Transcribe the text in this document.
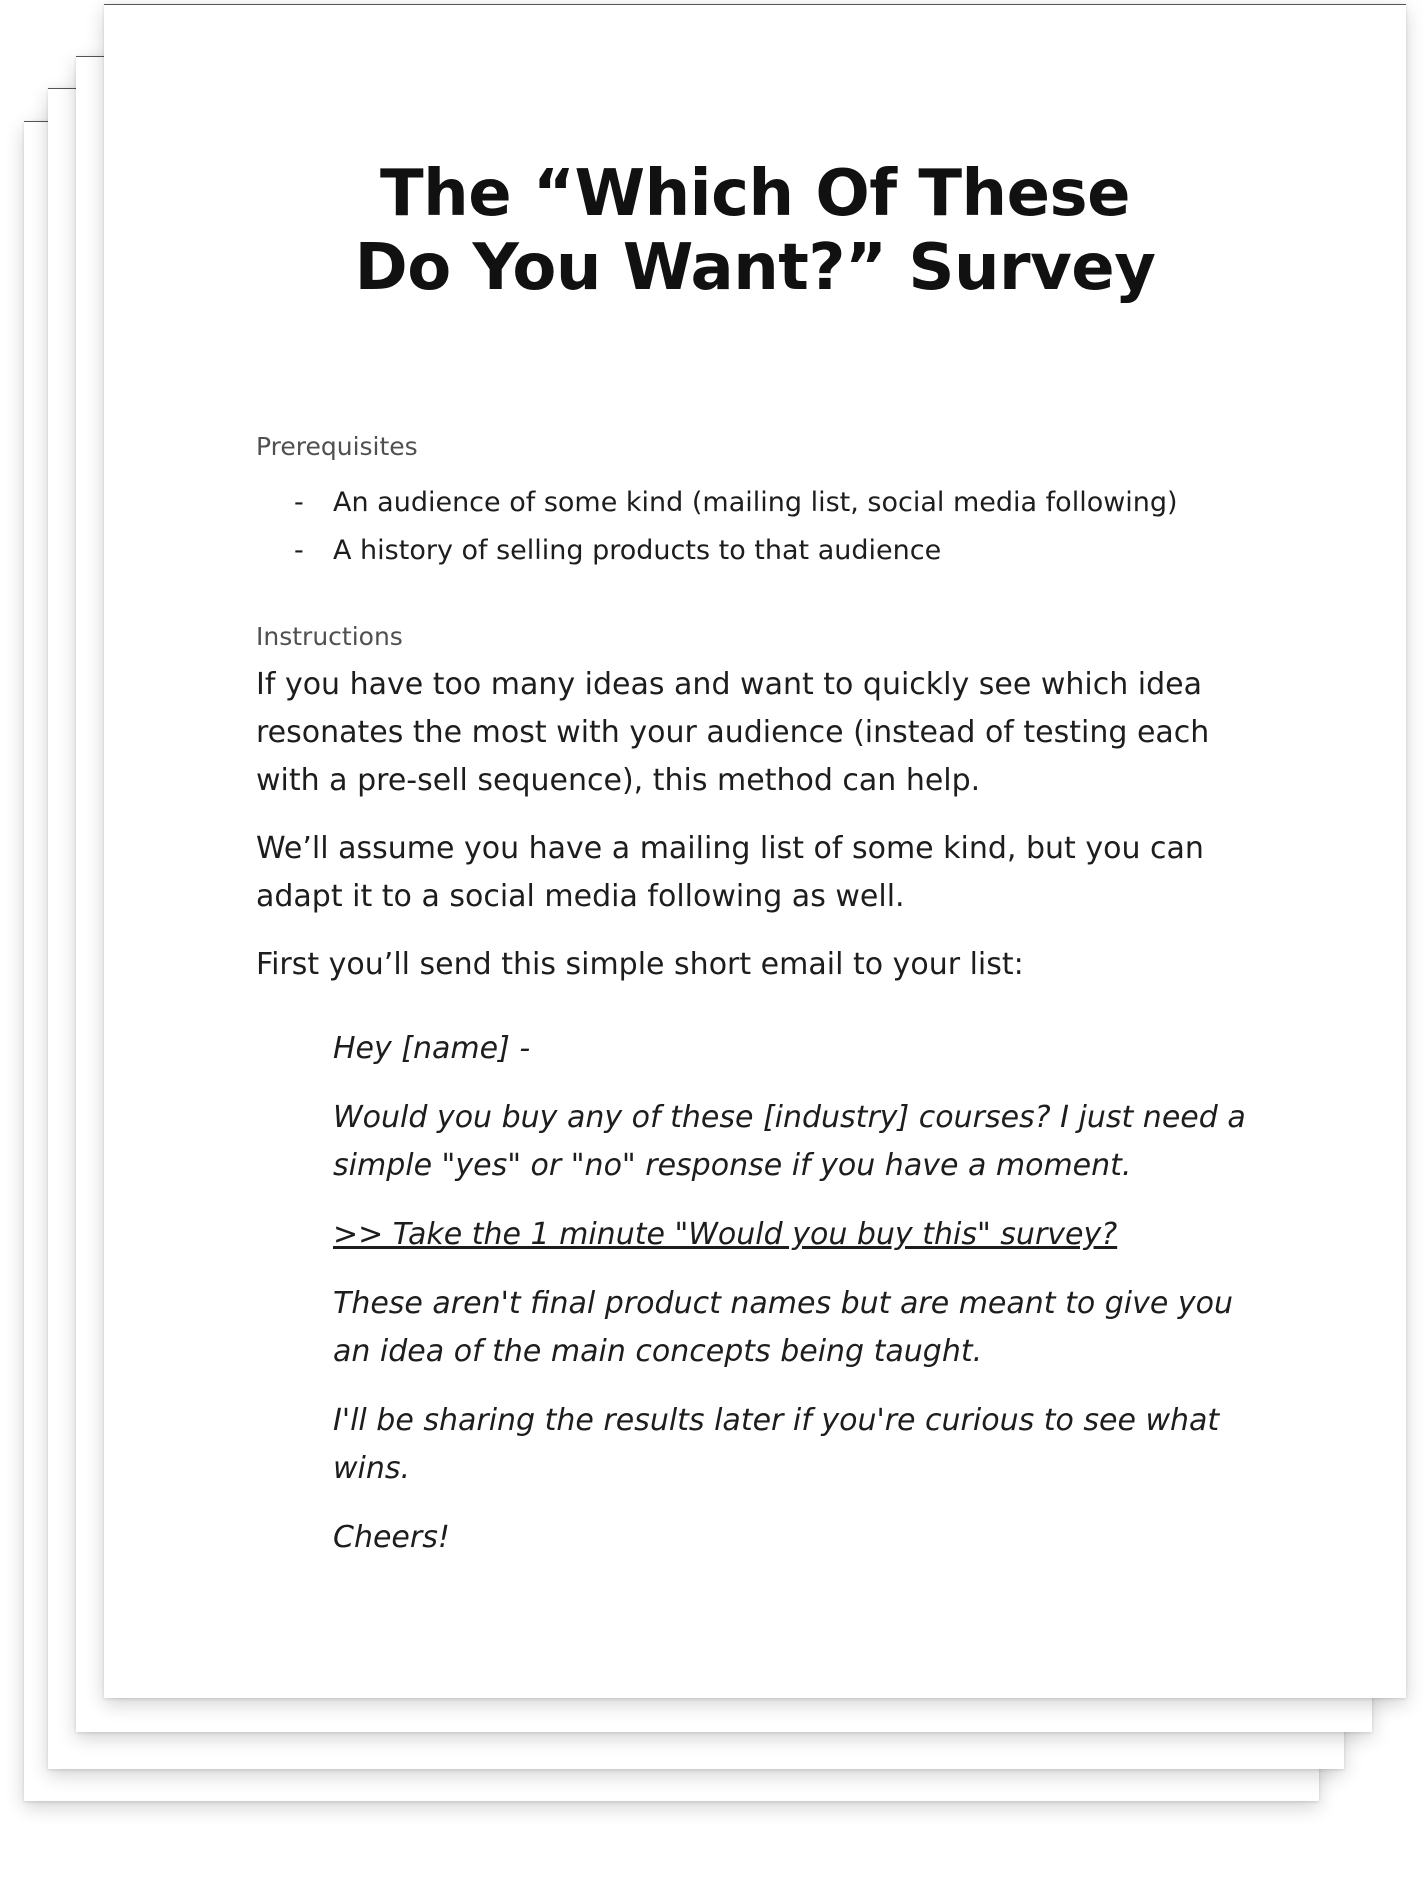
The “Which Of These
Do You Want?” Survey

Prerequisites

- An audience of some kind (mailing list, social media following)
- A history of selling products to that audience

Instructions

If you have too many ideas and want to quickly see which idea resonates the most with your audience (instead of testing each with a pre-sell sequence), this method can help.

We’ll assume you have a mailing list of some kind, but you can adapt it to a social media following as well.

First you’ll send this simple short email to your list:

Hey [name] -

Would you buy any of these [industry] courses? I just need a simple "yes" or "no" response if you have a moment.

>> Take the 1 minute "Would you buy this" survey?

These aren't final product names but are meant to give you an idea of the main concepts being taught.

I'll be sharing the results later if you're curious to see what wins.

Cheers!
